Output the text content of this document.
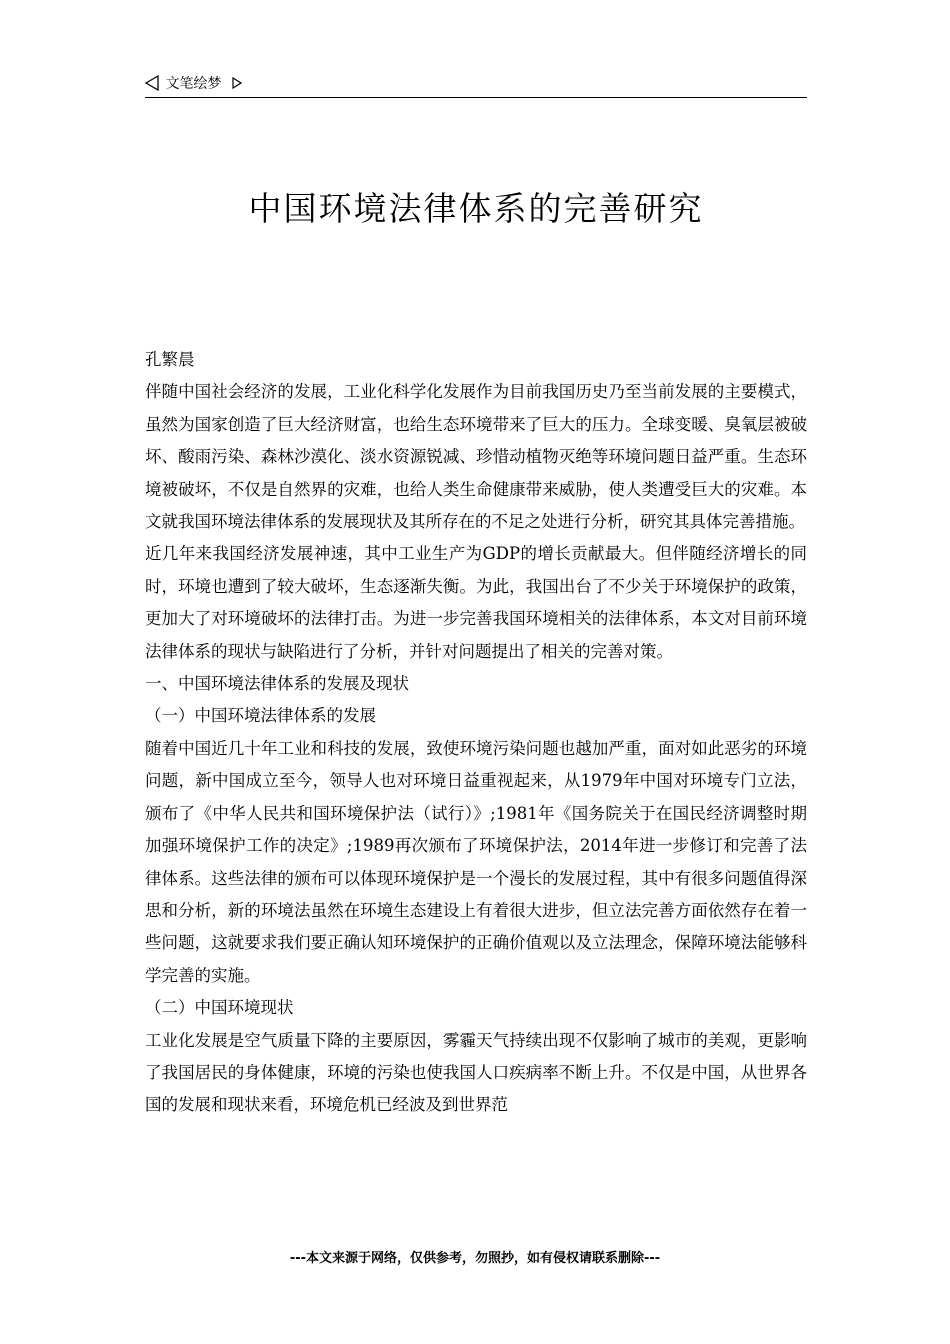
文笔绘梦
中国环境法律体系的完善研究

孔繁晨

伴随中国社会经济的发展，工业化科学化发展作为目前我国历史乃至当前发展的主要模式，虽然为国家创造了巨大经济财富，也给生态环境带来了巨大的压力。全球变暖、臭氧层被破坏、酸雨污染、森林沙漠化、淡水资源锐减、珍惜动植物灭绝等环境问题日益严重。生态环境被破坏，不仅是自然界的灾难，也给人类生命健康带来威胁，使人类遭受巨大的灾难。本文就我国环境法律体系的发展现状及其所存在的不足之处进行分析，研究其具体完善措施。

近几年来我国经济发展神速，其中工业生产为GDP的增长贡献最大。但伴随经济增长的同时，环境也遭到了较大破坏，生态逐渐失衡。为此，我国出台了不少关于环境保护的政策，更加大了对环境破坏的法律打击。为进一步完善我国环境相关的法律体系，本文对目前环境法律体系的现状与缺陷进行了分析，并针对问题提出了相关的完善对策。

一、中国环境法律体系的发展及现状

（一）中国环境法律体系的发展

随着中国近几十年工业和科技的发展，致使环境污染问题也越加严重，面对如此恶劣的环境问题，新中国成立至今，领导人也对环境日益重视起来，从1979年中国对环境专门立法，颁布了《中华人民共和国环境保护法（试行）》;1981年《国务院关于在国民经济调整时期加强环境保护工作的决定》;1989再次颁布了环境保护法，2014年进一步修订和完善了法律体系。这些法律的颁布可以体现环境保护是一个漫长的发展过程，其中有很多问题值得深思和分析，新的环境法虽然在环境生态建设上有着很大进步，但立法完善方面依然存在着一些问题，这就要求我们要正确认知环境保护的正确价值观以及立法理念，保障环境法能够科学完善的实施。

（二）中国环境现状

工业化发展是空气质量下降的主要原因，雾霾天气持续出现不仅影响了城市的美观，更影响了我国居民的身体健康，环境的污染也使我国人口疾病率不断上升。不仅是中国，从世界各国的发展和现状来看，环境危机已经波及到世界范

---本文来源于网络，仅供参考，勿照抄，如有侵权请联系删除---
